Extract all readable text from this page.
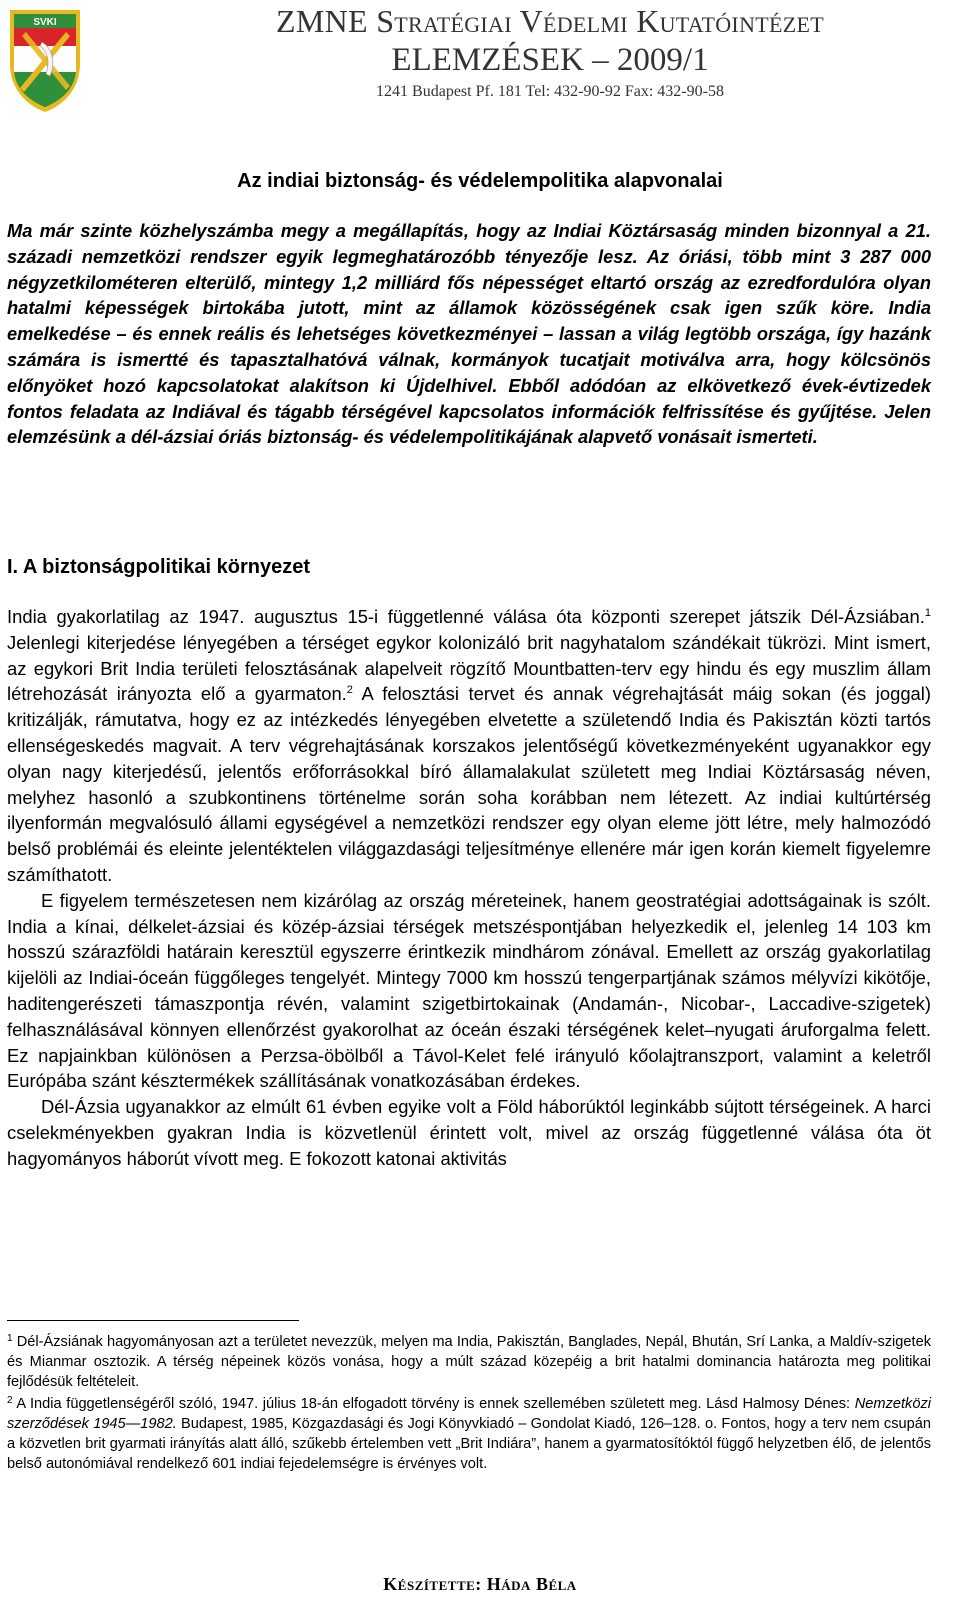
SVKI	ZMNE Stratégiai Védelmi Kutatóintézet
ELEMZÉSEK – 2009/1
1241 Budapest Pf. 181 Tel: 432-90-92 Fax: 432-90-58
Az indiai biztonság- és védelempolitika alapvonalai

Ma már szinte közhelyszámba megy a megállapítás, hogy az Indiai Köztársaság minden bizonnyal a 21. századi nemzetközi rendszer egyik legmeghatározóbb tényezője lesz. Az óriási, több mint 3 287 000 négyzetkilométeren elterülő, mintegy 1,2 milliárd fős népességet eltartó ország az ezredfordulóra olyan hatalmi képességek birtokába jutott, mint az államok közösségének csak igen szűk köre. India emelkedése – és ennek reális és lehetséges következményei – lassan a világ legtöbb országa, így hazánk számára is ismertté és tapasztalhatóvá válnak, kormányok tucatjait motiválva arra, hogy kölcsönös előnyöket hozó kapcsolatokat alakítson ki Újdelhivel. Ebből adódóan az elkövetkező évek-évtizedek fontos feladata az Indiával és tágabb térségével kapcsolatos információk felfrissítése és gyűjtése. Jelen elemzésünk a dél-ázsiai óriás biztonság- és védelempolitikájának alapvető vonásait ismerteti.

I. A biztonságpolitikai környezet

India gyakorlatilag az 1947. augusztus 15-i függetlenné válása óta központi szerepet játszik Dél-Ázsiában.$^1$ Jelenlegi kiterjedése lényegében a térséget egykor kolonizáló brit nagyhatalom szándékait tükrözi. Mint ismert, az egykori Brit India területi felosztásának alapelveit rögzítő Mountbatten-terv egy hindu és egy muszlim állam létrehozását irányozta elő a gyarmaton.$^2$ A felosztási tervet és annak végrehajtását máig sokan (és joggal) kritizálják, rámutatva, hogy ez az intézkedés lényegében elvetette a születendő India és Pakisztán közti tartós ellenségeskedés magvait. A terv végrehajtásának korszakos jelentőségű következményeként ugyanakkor egy olyan nagy kiterjedésű, jelentős erőforrásokkal bíró államalakulat született meg Indiai Köztársaság néven, melyhez hasonló a szubkontinens történelme során soha korábban nem létezett. Az indiai kultúrtérség ilyenformán megvalósuló állami egységével a nemzetközi rendszer egy olyan eleme jött létre, mely halmozódó belső problémái és eleinte jelentéktelen világgazdasági teljesítménye ellenére már igen korán kiemelt figyelemre számíthatott.

E figyelem természetesen nem kizárólag az ország méreteinek, hanem geostratégiai adottságainak is szólt. India a kínai, délkelet-ázsiai és közép-ázsiai térségek metszéspontjában helyezkedik el, jelenleg 14 103 km hosszú szárazföldi határain keresztül egyszerre érintkezik mindhárom zónával. Emellett az ország gyakorlatilag kijelöli az Indiai-óceán függőleges tengelyét. Mintegy 7000 km hosszú tengerpartjának számos mélyvízi kikötője, haditengerészeti támaszpontja révén, valamint szigetbirtokainak (Andamán-, Nicobar-, Laccadive-szigetek) felhasználásával könnyen ellenőrzést gyakorolhat az óceán északi térségének kelet–nyugati áruforgalma felett. Ez napjainkban különösen a Perzsa-öbölből a Távol-Kelet felé irányuló kőolajtranszport, valamint a keletről Európába szánt késztermékek szállításának vonatkozásában érdekes.

Dél-Ázsia ugyanakkor az elmúlt 61 évben egyike volt a Föld háborúktól leginkább sújtott térségeinek. A harci cselekményekben gyakran India is közvetlenül érintett volt, mivel az ország függetlenné válása óta öt hagyományos háborút vívott meg. E fokozott katonai aktivitás

$^1$ Dél-Ázsiának hagyományosan azt a területet nevezzük, melyen ma India, Pakisztán, Banglades, Nepál, Bhután, Srí Lanka, a Maldív-szigetek és Mianmar osztozik. A térség népeinek közös vonása, hogy a múlt század közepéig a brit hatalmi dominancia határozta meg politikai fejlődésük feltételeit.

$^2$ A India függetlenségéről szóló, 1947. július 18-án elfogadott törvény is ennek szellemében született meg. Lásd Halmosy Dénes: Nemzetközi szerződések 1945—1982. Budapest, 1985, Közgazdasági és Jogi Könyvkiadó – Gondolat Kiadó, 126–128. o. Fontos, hogy a terv nem csupán a közvetlen brit gyarmati irányítás alatt álló, szűkebb értelemben vett „Brit Indiára”, hanem a gyarmatosítóktól függő helyzetben élő, de jelentős belső autonómiával rendelkező 601 indiai fejedelemségre is érvényes volt.

Készítette: Háda Béla
